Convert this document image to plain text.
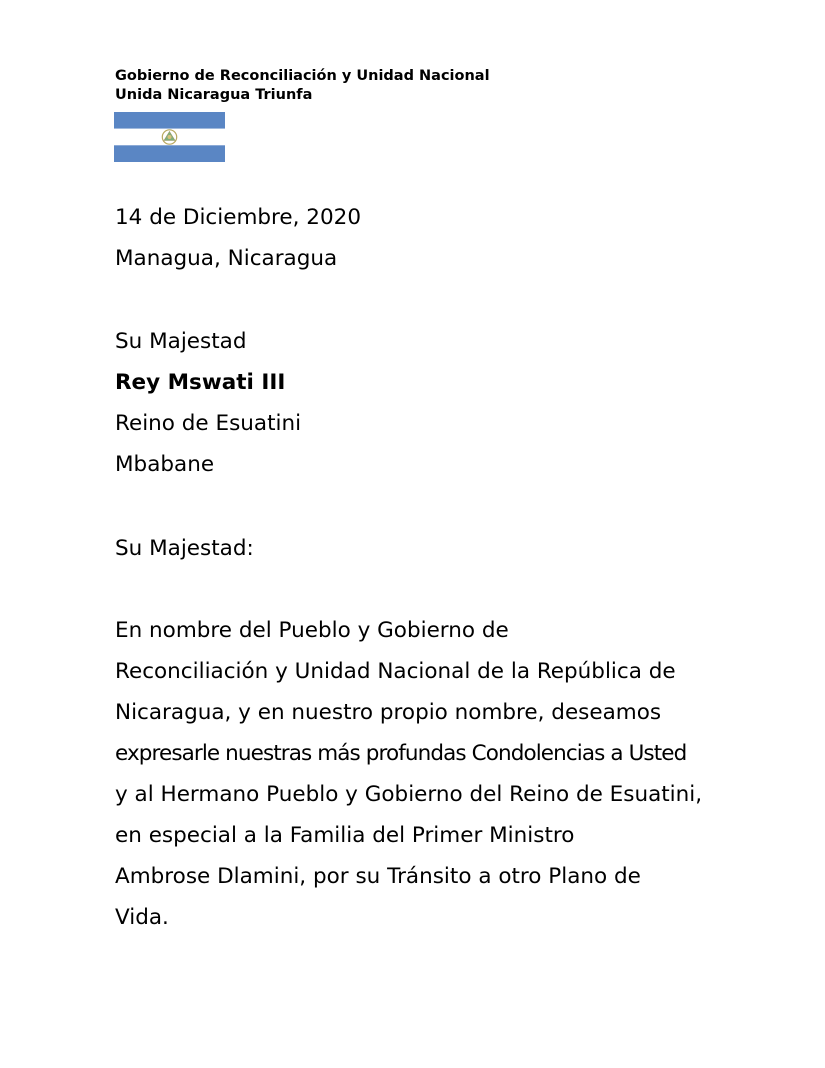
Gobierno de Reconciliación y Unidad Nacional
Unida Nicaragua Triunfa
14 de Diciembre, 2020
Managua, Nicaragua
Su Majestad
Rey Mswati III
Reino de Esuatini
Mbabane
Su Majestad:
En nombre del Pueblo y Gobierno de
Reconciliación y Unidad Nacional de la República de
Nicaragua, y en nuestro propio nombre, deseamos
expresarle nuestras más profundas Condolencias a Usted
y al Hermano Pueblo y Gobierno del Reino de Esuatini,
en especial a la Familia del Primer Ministro
Ambrose Dlamini, por su Tránsito a otro Plano de
Vida.
